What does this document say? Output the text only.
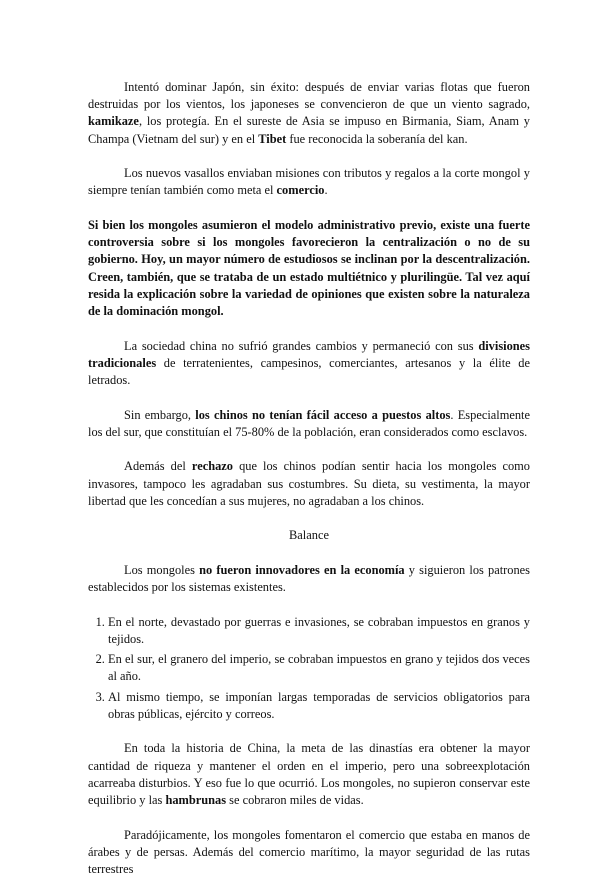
Intentó dominar Japón, sin éxito: después de enviar varias flotas que fueron destruidas por los vientos, los japoneses se convencieron de que un viento sagrado, kamikaze, los protegía. En el sureste de Asia se impuso en Birmania, Siam, Anam y Champa (Vietnam del sur) y en el Tibet fue reconocida la soberanía del kan.

Los nuevos vasallos enviaban misiones con tributos y regalos a la corte mongol y siempre tenían también como meta el comercio.

Si bien los mongoles asumieron el modelo administrativo previo, existe una fuerte controversia sobre si los mongoles favorecieron la centralización o no de su gobierno. Hoy, un mayor número de estudiosos se inclinan por la descentralización. Creen, también, que se trataba de un estado multiétnico y plurilingüe. Tal vez aquí resida la explicación sobre la variedad de opiniones que existen sobre la naturaleza de la dominación mongol.

La sociedad china no sufrió grandes cambios y permaneció con sus divisiones tradicionales de terratenientes, campesinos, comerciantes, artesanos y la élite de letrados.

Sin embargo, los chinos no tenían fácil acceso a puestos altos. Especialmente los del sur, que constituían el 75-80% de la población, eran considerados como esclavos.

Además del rechazo que los chinos podían sentir hacia los mongoles como invasores, tampoco les agradaban sus costumbres. Su dieta, su vestimenta, la mayor libertad que les concedían a sus mujeres, no agradaban a los chinos.

Balance

Los mongoles no fueron innovadores en la economía y siguieron los patrones establecidos por los sistemas existentes.

1. En el norte, devastado por guerras e invasiones, se cobraban impuestos en granos y tejidos.
2. En el sur, el granero del imperio, se cobraban impuestos en grano y tejidos dos veces al año.
3. Al mismo tiempo, se imponían largas temporadas de servicios obligatorios para obras públicas, ejército y correos.

En toda la historia de China, la meta de las dinastías era obtener la mayor cantidad de riqueza y mantener el orden en el imperio, pero una sobreexplotación acarreaba disturbios. Y eso fue lo que ocurrió. Los mongoles, no supieron conservar este equilibrio y las hambrunas se cobraron miles de vidas.

Paradójicamente, los mongoles fomentaron el comercio que estaba en manos de árabes y de persas. Además del comercio marítimo, la mayor seguridad de las rutas terrestres
